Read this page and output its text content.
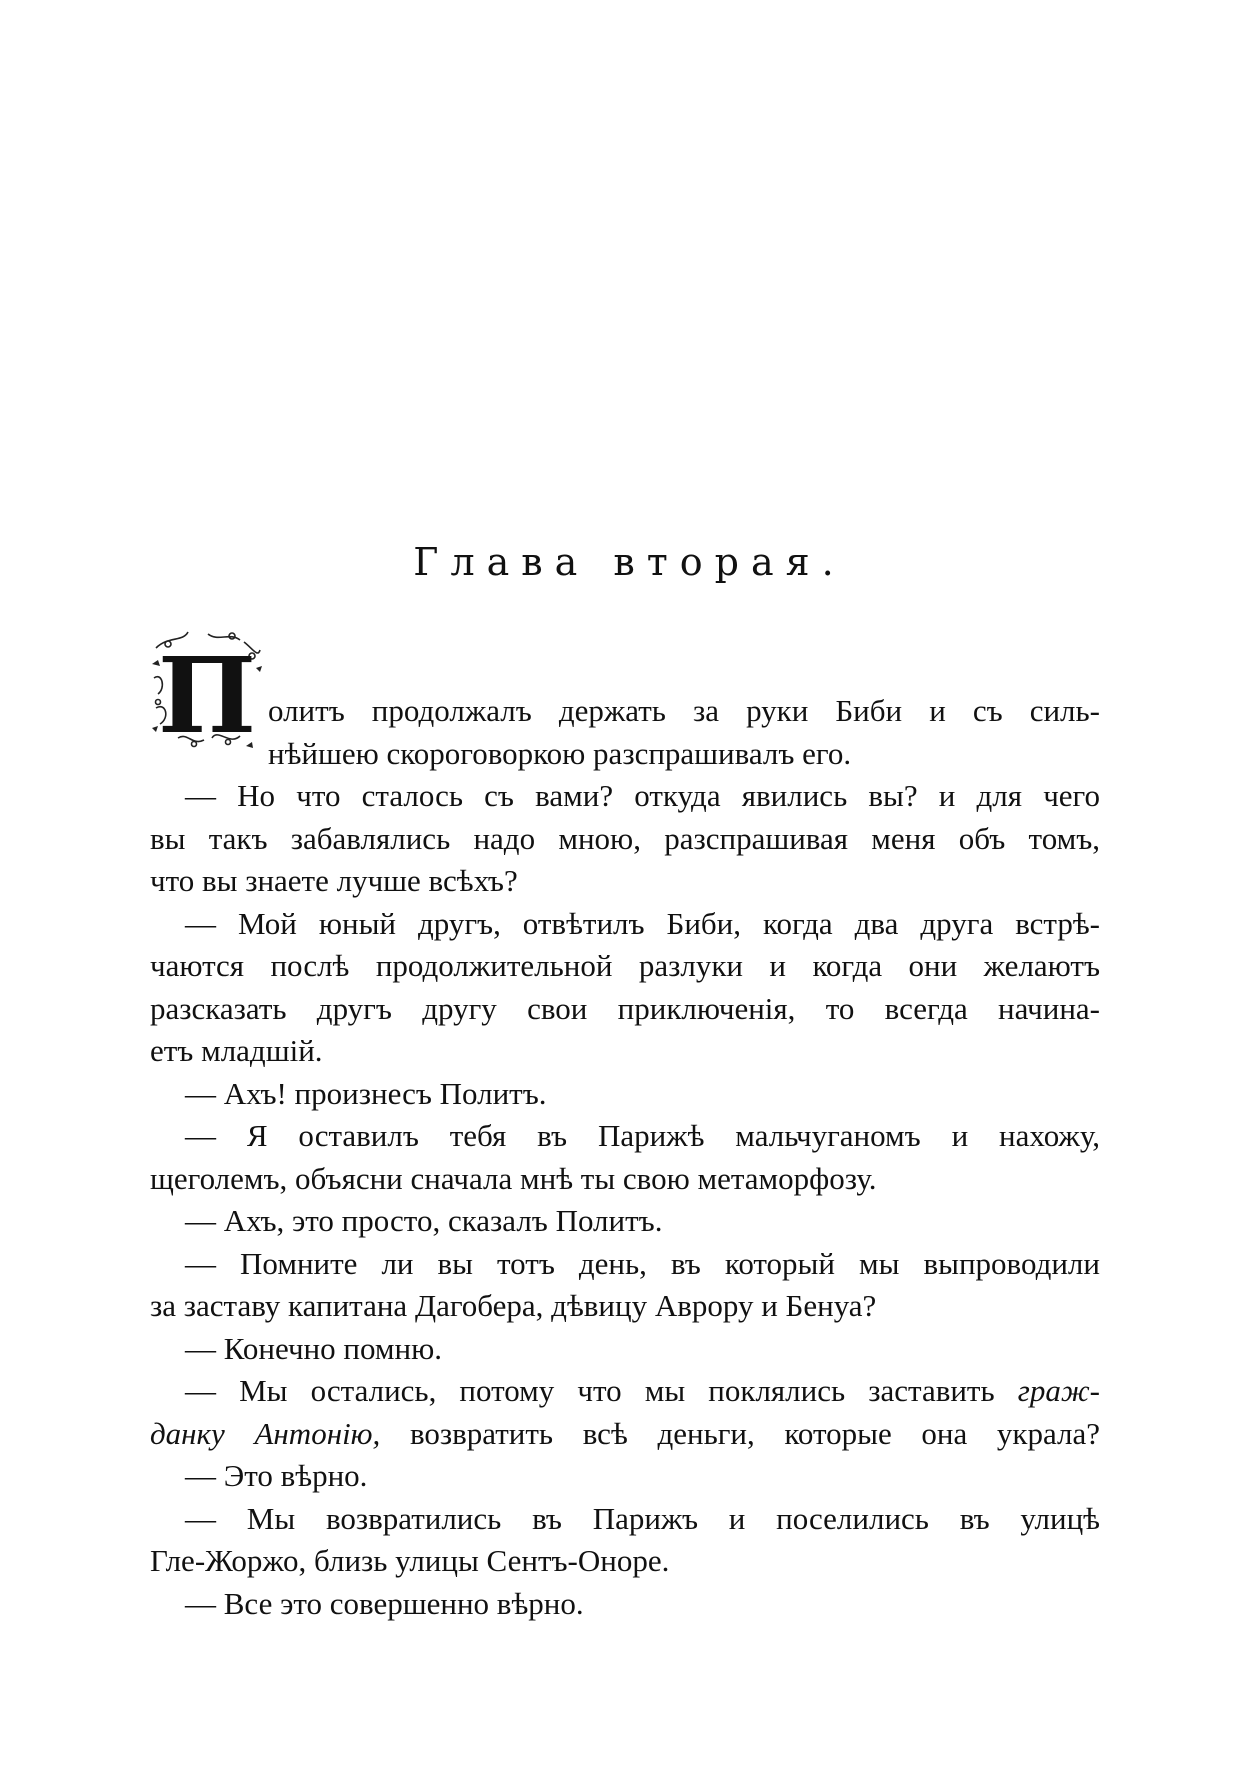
Глава вторая.
П олитъ продолжалъ держать за руки Биби и съ силь-
нѣйшею скороговоркою разспрашивалъ его.
— Но что сталось съ вами? откуда явились вы? и для чего
вы такъ забавлялись надо мною, разспрашивая меня объ томъ,
что вы знаете лучше всѣхъ?
— Мой юный другъ, отвѣтилъ Биби, когда два друга встрѣ-
чаются послѣ продолжительной разлуки и когда они желаютъ
разсказать другъ другу свои приключенія, то всегда начина-
етъ младшій.
— Ахъ! произнесъ Политъ.
— Я оставилъ тебя въ Парижѣ мальчуганомъ и нахожу,
щеголемъ, объясни сначала мнѣ ты свою метаморфозу.
— Ахъ, это просто, сказалъ Политъ.
— Помните ли вы тотъ день, въ который мы выпроводили
за заставу капитана Дагобера, дѣвицу Аврору и Бенуа?
— Конечно помню.
— Мы остались, потому что мы поклялись заставить граж-
данку Антонію, возвратить всѣ деньги, которые она украла?
— Это вѣрно.
— Мы возвратились въ Парижъ и поселились въ улицѣ
Гле-Жоржо, близь улицы Сентъ-Оноре.
— Все это совершенно вѣрно.
